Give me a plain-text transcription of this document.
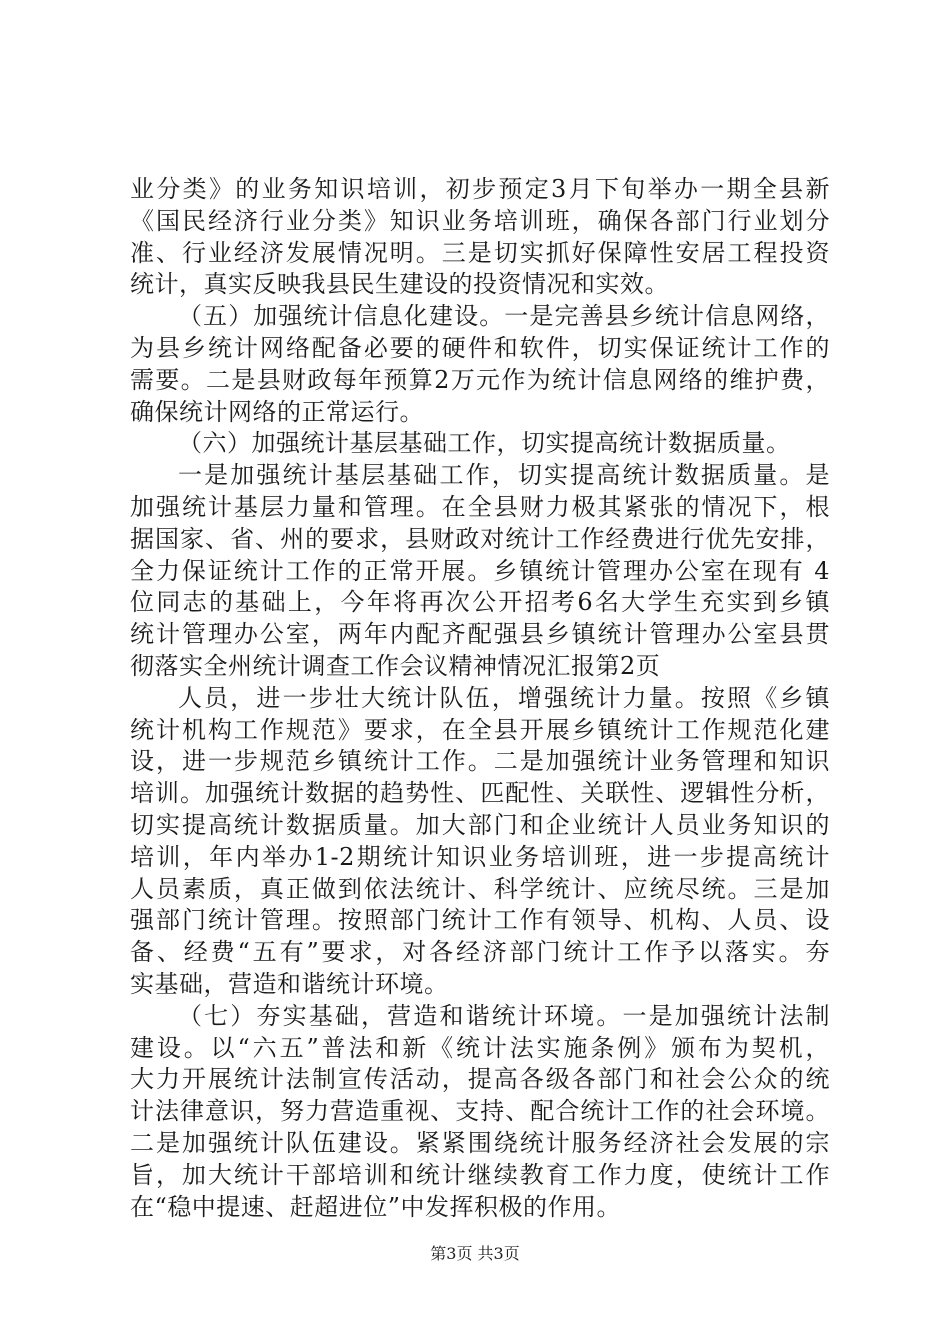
业分类》的业务知识培训，初步预定3月下旬举办一期全县新
《国民经济行业分类》知识业务培训班，确保各部门行业划分
准、行业经济发展情况明。三是切实抓好保障性安居工程投资
统计，真实反映我县民生建设的投资情况和实效。
（五）加强统计信息化建设。一是完善县乡统计信息网络，
为县乡统计网络配备必要的硬件和软件，切实保证统计工作的
需要。二是县财政每年预算2万元作为统计信息网络的维护费，
确保统计网络的正常运行。
（六）加强统计基层基础工作，切实提高统计数据质量。
一是加强统计基层基础工作，切实提高统计数据质量。是
加强统计基层力量和管理。在全县财力极其紧张的情况下，根
据国家、省、州的要求，县财政对统计工作经费进行优先安排，
全力保证统计工作的正常开展。乡镇统计管理办公室在现有 4
位同志的基础上，今年将再次公开招考6名大学生充实到乡镇
统计管理办公室，两年内配齐配强县乡镇统计管理办公室县贯
彻落实全州统计调查工作会议精神情况汇报第2页
人员，进一步壮大统计队伍，增强统计力量。按照《乡镇
统计机构工作规范》要求，在全县开展乡镇统计工作规范化建
设，进一步规范乡镇统计工作。二是加强统计业务管理和知识
培训。加强统计数据的趋势性、匹配性、关联性、逻辑性分析，
切实提高统计数据质量。加大部门和企业统计人员业务知识的
培训，年内举办1-2期统计知识业务培训班，进一步提高统计
人员素质，真正做到依法统计、科学统计、应统尽统。三是加
强部门统计管理。按照部门统计工作有领导、机构、人员、设
备、经费“五有”要求，对各经济部门统计工作予以落实。夯
实基础，营造和谐统计环境。
（七）夯实基础，营造和谐统计环境。一是加强统计法制
建设。以“六五”普法和新《统计法实施条例》颁布为契机，
大力开展统计法制宣传活动，提高各级各部门和社会公众的统
计法律意识，努力营造重视、支持、配合统计工作的社会环境。
二是加强统计队伍建设。紧紧围绕统计服务经济社会发展的宗
旨，加大统计干部培训和统计继续教育工作力度，使统计工作
在“稳中提速、赶超进位”中发挥积极的作用。
第3页 共3页
